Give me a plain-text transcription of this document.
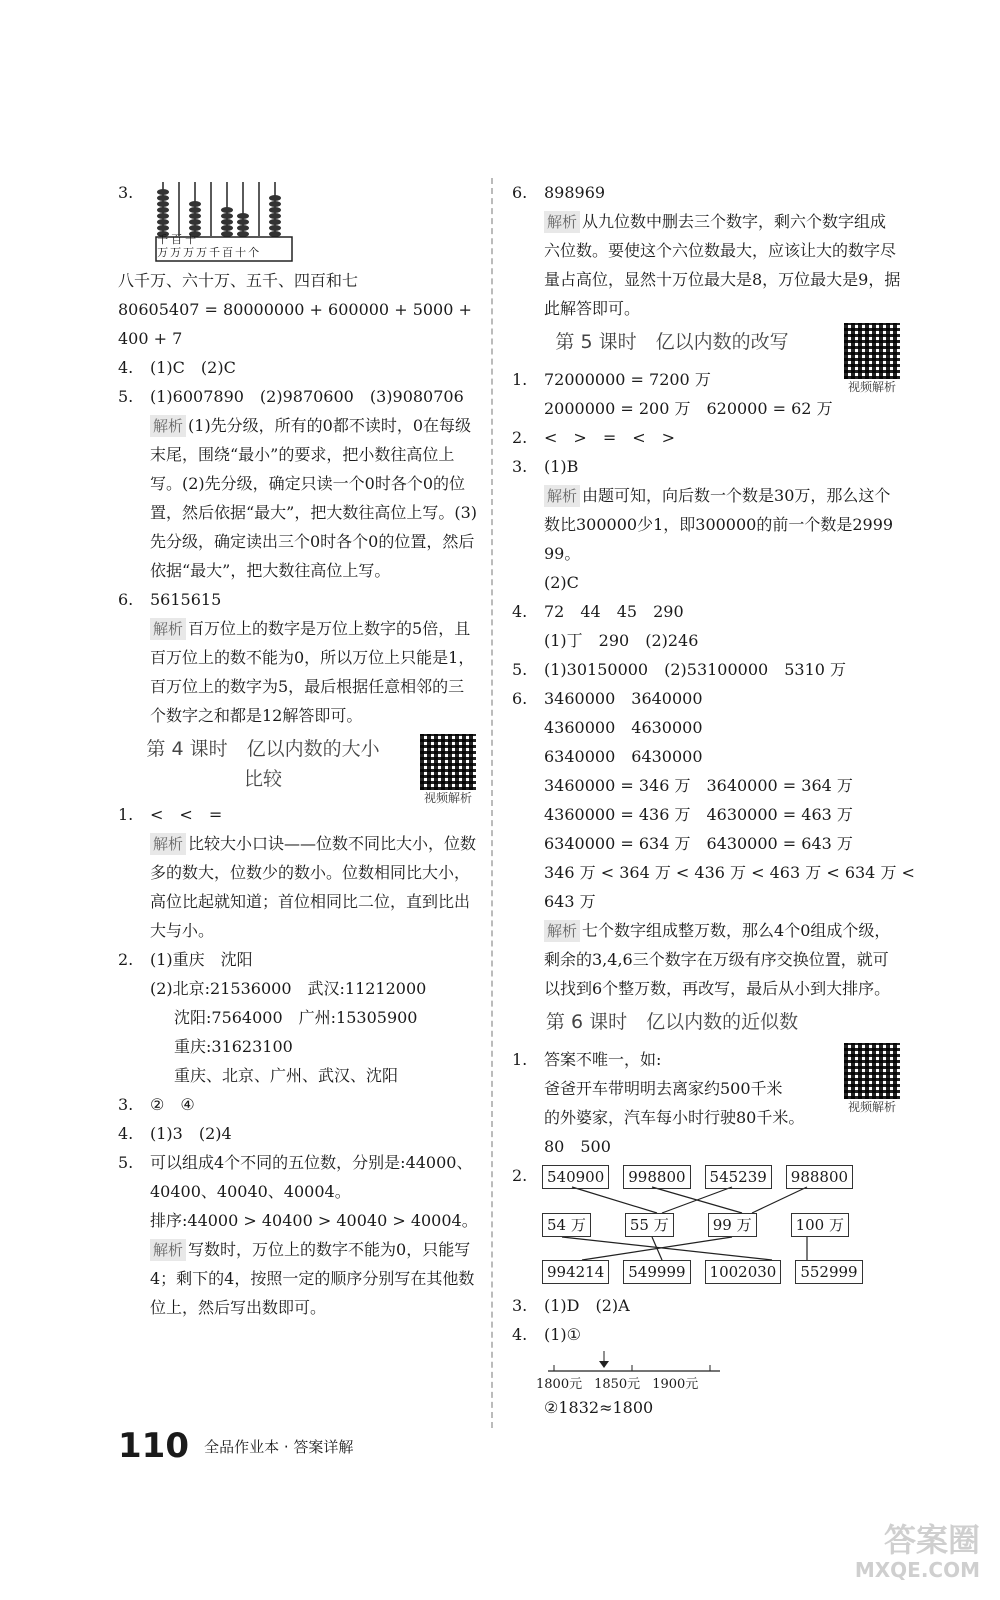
3.
千百十
万万万万千百十个
八千万、六十万、五千、四百和七
80605407 = 80000000 + 600000 + 5000 +
400 + 7
4. (1)C　(2)C
5. (1)6007890　(2)9870600　(3)9080706
解析 (1)先分级，所有的0都不读时，0在每级末尾，围绕“最小”的要求，把小数往高位上写。(2)先分级，确定只读一个0时各个0的位置，然后依据“最大”，把大数往高位上写。(3)先分级，确定读出三个0时各个0的位置，然后依据“最大”，把大数往高位上写。
6. 5615615
解析 百万位上的数字是万位上数字的5倍，且百万位上的数不能为0，所以万位上只能是1，百万位上的数字为5，最后根据任意相邻的三个数字之和都是12解答即可。
第 4 课时　亿以内数的大小
比较
视频解析
1. <　<　=
解析 比较大小口诀——位数不同比大小，位数多的数大，位数少的数小。位数相同比大小，高位比起就知道；首位相同比二位，直到比出大与小。
2. (1)重庆　沈阳
(2)北京:21536000　武汉:11212000
沈阳:7564000　广州:15305900
重庆:31623100
重庆、北京、广州、武汉、沈阳
3. ②　④
4. (1)3　(2)4
5. 可以组成4个不同的五位数，分别是:44000、
40400、40040、40004。
排序:44000 > 40400 > 40040 > 40004。
解析 写数时，万位上的数字不能为0，只能写4；剩下的4，按照一定的顺序分别写在其他数位上，然后写出数即可。
6. 898969
解析 从九位数中删去三个数字，剩六个数字组成六位数。要使这个六位数最大，应该让大的数字尽量占高位，显然十万位最大是8，万位最大是9，据此解答即可。
第 5 课时　亿以内数的改写
视频解析
1. 72000000 = 7200 万
2000000 = 200 万　620000 = 62 万
2. <　>　=　<　>
3. (1)B
解析 由题可知，向后数一个数是30万，那么这个数比300000少1，即300000的前一个数是299999。
(2)C
4. 72　44　45　290
(1)丁　290　(2)246
5. (1)30150000　(2)53100000　5310 万
6. 3460000　3640000
4360000　4630000
6340000　6430000
3460000 = 346 万　3640000 = 364 万
4360000 = 436 万　4630000 = 463 万
6340000 = 634 万　6430000 = 643 万
346 万 < 364 万 < 436 万 < 463 万 < 634 万 <
643 万
解析 七个数字组成整万数，那么4个0组成个级，剩余的3,4,6三个数字在万级有序交换位置，就可以找到6个整万数，再改写，最后从小到大排序。
第 6 课时　亿以内数的近似数
视频解析
1. 答案不唯一，如:
爸爸开车带明明去离家约500千米
的外婆家，汽车每小时行驶80千米。
80　500
2.	540900	998800	545239	988800
54 万	55 万	99 万	100 万
994214	549999	1002030	552999
3. (1)D　(2)A
4. (1)①
1800元 1850元 1900元
②1832≈1800
110 全品作业本 · 答案详解
答案圈
MXQE.COM
